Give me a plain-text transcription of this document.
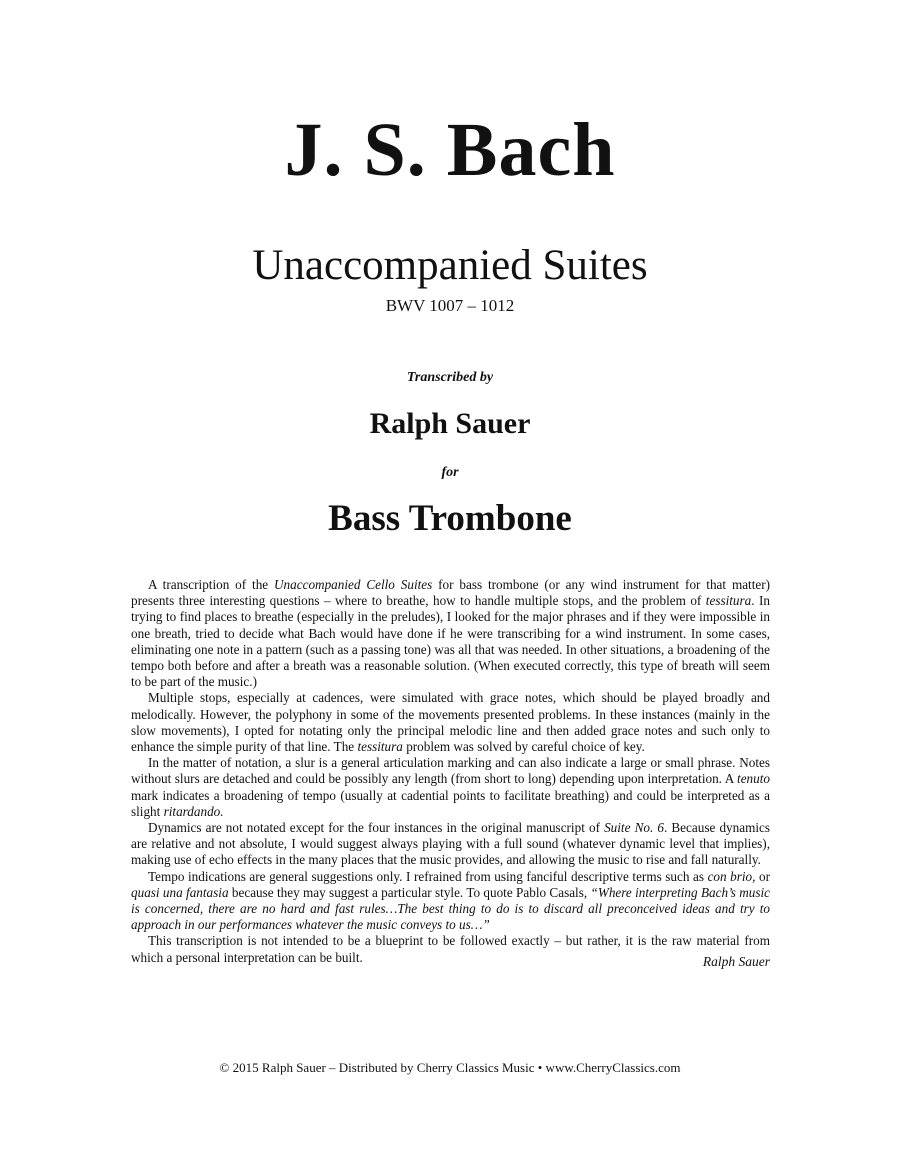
J. S. Bach
Unaccompanied Suites
BWV 1007 – 1012
Transcribed by
Ralph Sauer
for
Bass Trombone

A transcription of the Unaccompanied Cello Suites for bass trombone (or any wind instrument for that matter) presents three interesting questions – where to breathe, how to handle multiple stops, and the problem of tessitura. In trying to find places to breathe (especially in the preludes), I looked for the major phrases and if they were impossible in one breath, tried to decide what Bach would have done if he were transcribing for a wind instrument. In some cases, eliminating one note in a pattern (such as a passing tone) was all that was needed. In other situations, a broadening of the tempo both before and after a breath was a reasonable solution. (When executed correctly, this type of breath will seem to be part of the music.)

Multiple stops, especially at cadences, were simulated with grace notes, which should be played broadly and melodically. However, the polyphony in some of the movements presented problems. In these instances (mainly in the slow movements), I opted for notating only the principal melodic line and then added grace notes and such only to enhance the simple purity of that line. The tessitura problem was solved by careful choice of key.

In the matter of notation, a slur is a general articulation marking and can also indicate a large or small phrase. Notes without slurs are detached and could be possibly any length (from short to long) depending upon interpretation. A tenuto mark indicates a broadening of tempo (usually at cadential points to facilitate breathing) and could be interpreted as a slight ritardando.

Dynamics are not notated except for the four instances in the original manuscript of Suite No. 6. Because dynamics are relative and not absolute, I would suggest always playing with a full sound (whatever dynamic level that implies), making use of echo effects in the many places that the music provides, and allowing the music to rise and fall naturally.

Tempo indications are general suggestions only. I refrained from using fanciful descriptive terms such as con brio, or quasi una fantasia because they may suggest a particular style. To quote Pablo Casals, “Where interpreting Bach’s music is concerned, there are no hard and fast rules…The best thing to do is to discard all preconceived ideas and try to approach in our performances whatever the music conveys to us…”

This transcription is not intended to be a blueprint to be followed exactly – but rather, it is the raw material from which a personal interpretation can be built.	Ralph Sauer
© 2015 Ralph Sauer – Distributed by Cherry Classics Music • www.CherryClassics.com
